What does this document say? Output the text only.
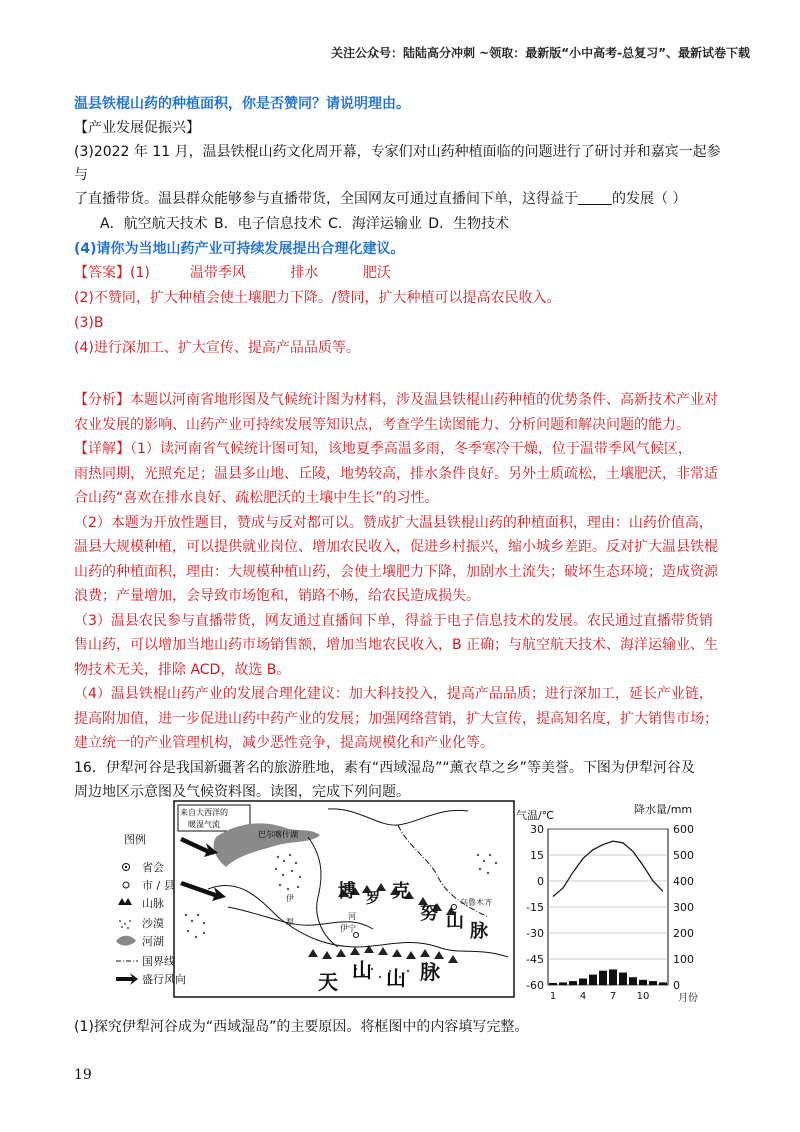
关注公众号：陆陆高分冲刺 ~领取：最新版“小中高考-总复习”、最新试卷下载

温县铁棍山药的种植面积，你是否赞同？请说明理由。

【产业发展促振兴】

(3)2022 年 11 月，温县铁棍山药文化周开幕，专家们对山药种植面临的问题进行了研讨并和嘉宾一起参与

了直播带货。温县群众能够参与直播带货，全国网友可通过直播间下单，这得益于 的发展（ ）

A．航空航天技术 B．电子信息技术 C．海洋运输业 D．生物技术

(4)请你为当地山药产业可持续发展提出合理化建议。

【答案】(1)         温带季风          排水          肥沃

(2)不赞同，扩大种植会使土壤肥力下降。/赞同，扩大种植可以提高农民收入。

(3)B

(4)进行深加工、扩大宣传、提高产品品质等。

【分析】本题以河南省地形图及气候统计图为材料，涉及温县铁棍山药种植的优势条件、高新技术产业对

农业发展的影响、山药产业可持续发展等知识点，考查学生读图能力、分析问题和解决问题的能力。

【详解】（1）读河南省气候统计图可知，该地夏季高温多雨，冬季寒冷干燥，位于温带季风气候区，

雨热同期，光照充足；温县多山地、丘陵，地势较高，排水条件良好。另外土质疏松，土壤肥沃，非常适

合山药“喜欢在排水良好、疏松肥沃的土壤中生长”的习性。

（2）本题为开放性题目，赞成与反对都可以。赞成扩大温县铁棍山药的种植面积，理由：山药价值高，

温县大规模种植，可以提供就业岗位、增加农民收入，促进乡村振兴，缩小城乡差距。反对扩大温县铁棍

山药的种植面积，理由：大规模种植山药，会使土壤肥力下降，加剧水土流失；破坏生态环境；造成资源

浪费；产量增加，会导致市场饱和，销路不畅，给农民造成损失。

（3）温县农民参与直播带货，网友通过直播间下单，得益于电子信息技术的发展。农民通过直播带货销

售山药，可以增加当地山药市场销售额，增加当地农民收入，B 正确；与航空航天技术、海洋运输业、生

物技术无关，排除 ACD，故选 B。

（4）温县铁棍山药产业的发展合理化建议：加大科技投入，提高产品品质；进行深加工，延长产业链，

提高附加值，进一步促进山药中药产业的发展；加强网络营销，扩大宣传，提高知名度，扩大销售市场；

建立统一的产业管理机构，减少恶性竞争，提高规模化和产业化等。

16．伊犁河谷是我国新疆著名的旅游胜地，素有“西域湿岛”“薰衣草之乡”等美誉。下图为伊犁河谷及

周边地区示意图及气候资料图。读图，完成下列问题。

来自大西洋的
暖湿气流
巴尔喀什湖
博 罗 克
努 山 脉
天 山 山 脉
乌鲁木齐
伊宁
伊
犁
河
图例
省会
市 / 县
山脉
沙漠
河湖
国界线
盛行风向
气温/℃	降水量/mm
月份
30
15
0
-15
-30
-45
-60
600
500
400
300
200
100
0
1 4 7 10
(1)探究伊犁河谷成为“西域湿岛”的主要原因。将框图中的内容填写完整。
19
